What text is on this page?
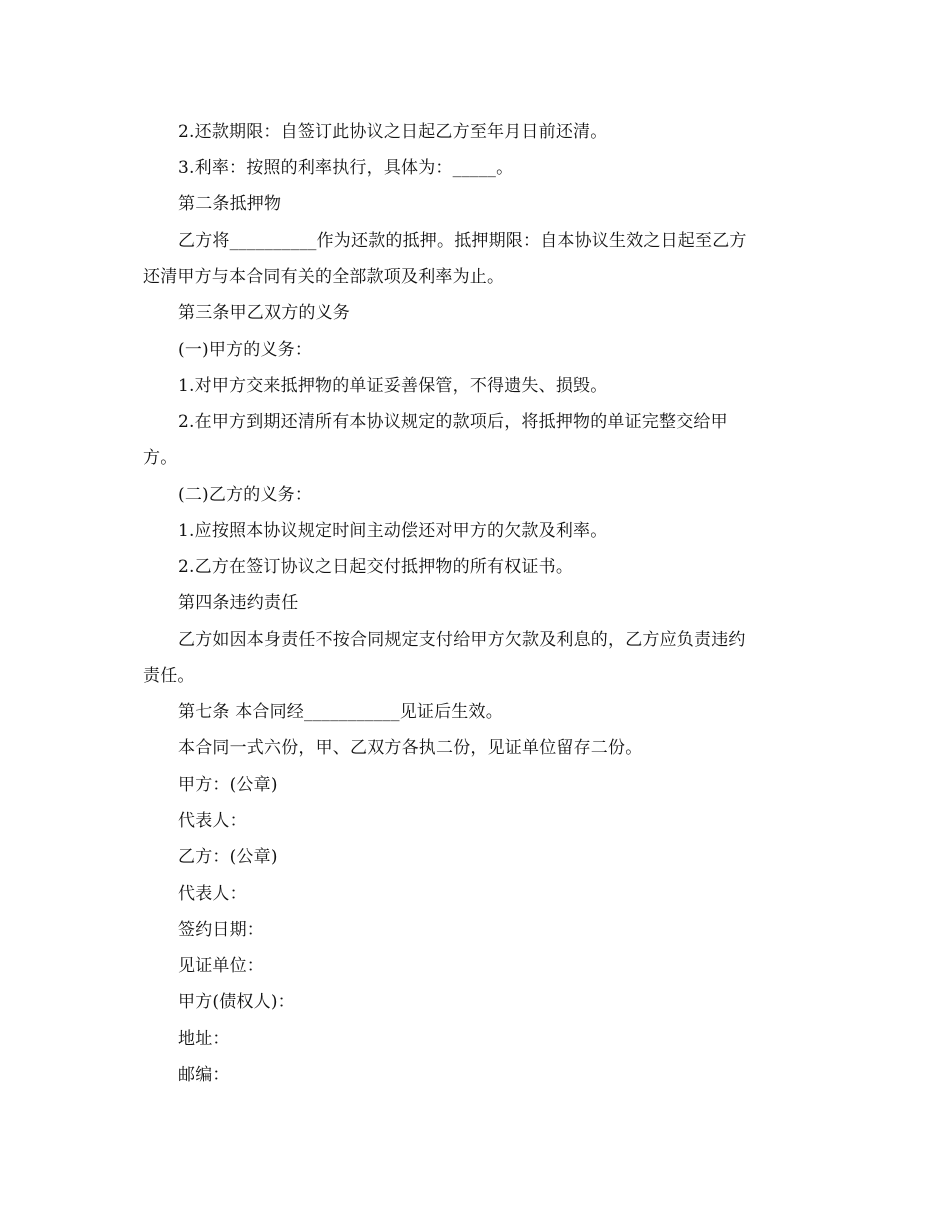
2.还款期限：自签订此协议之日起乙方至年月日前还清。
3.利率：按照的利率执行，具体为：_____。
第二条抵押物
乙方将__________作为还款的抵押。抵押期限：自本协议生效之日起至乙方
还清甲方与本合同有关的全部款项及利率为止。
第三条甲乙双方的义务
(一)甲方的义务：
1.对甲方交来抵押物的单证妥善保管，不得遗失、损毁。
2.在甲方到期还清所有本协议规定的款项后，将抵押物的单证完整交给甲
方。
(二)乙方的义务：
1.应按照本协议规定时间主动偿还对甲方的欠款及利率。
2.乙方在签订协议之日起交付抵押物的所有权证书。
第四条违约责任
乙方如因本身责任不按合同规定支付给甲方欠款及利息的，乙方应负责违约
责任。
第七条 本合同经___________见证后生效。
本合同一式六份，甲、乙双方各执二份，见证单位留存二份。
甲方：(公章)
代表人：
乙方：(公章)
代表人：
签约日期：
见证单位：
甲方(债权人)：
地址：
邮编：
